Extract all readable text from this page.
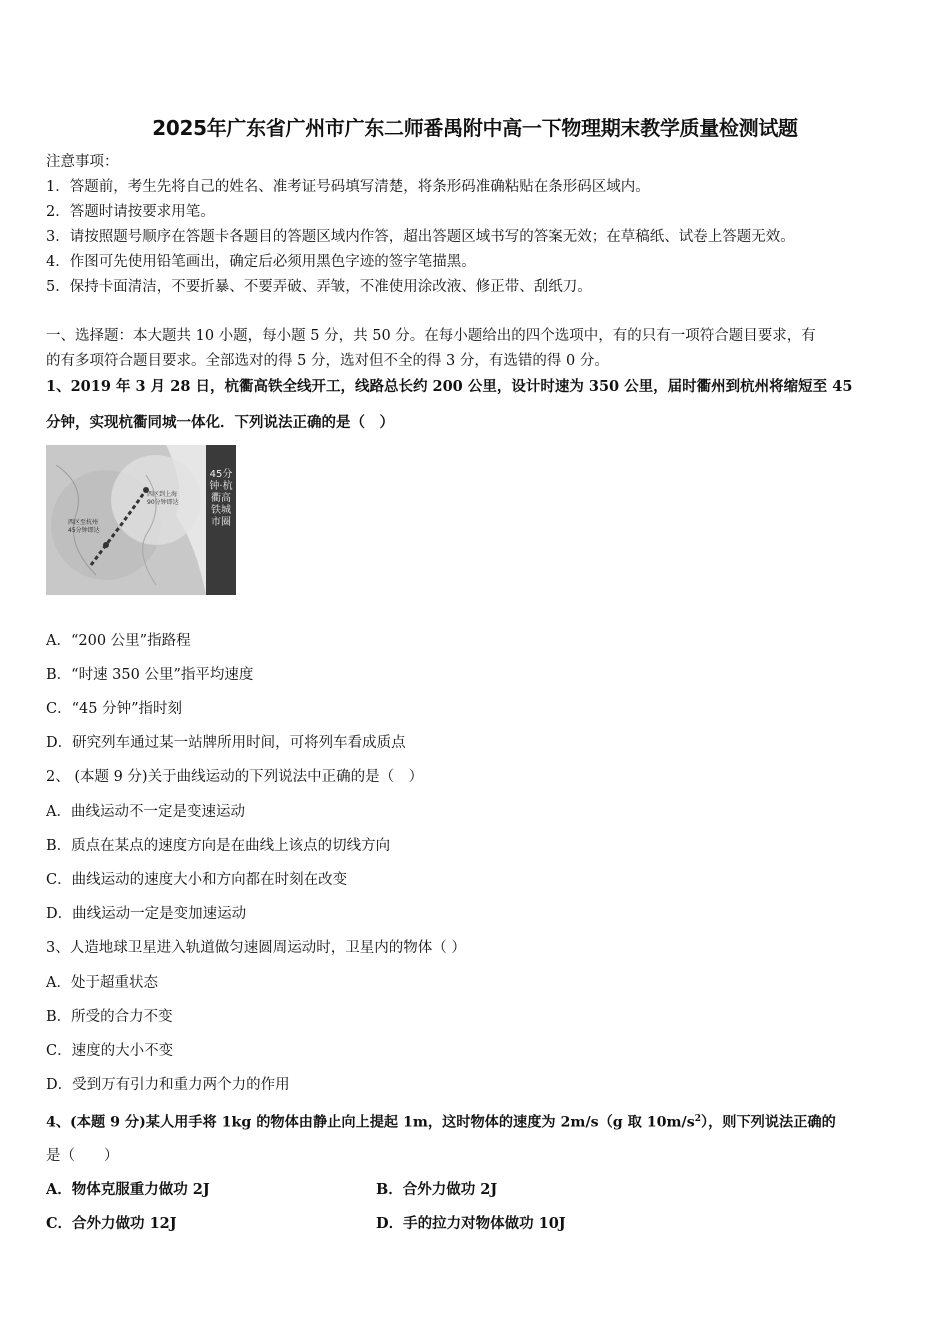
2025年广东省广州市广东二师番禺附中高一下物理期末教学质量检测试题
注意事项：
1．答题前，考生先将自己的姓名、准考证号码填写清楚，将条形码准确粘贴在条形码区域内。
2．答题时请按要求用笔。
3．请按照题号顺序在答题卡各题目的答题区域内作答，超出答题区域书写的答案无效；在草稿纸、试卷上答题无效。
4．作图可先使用铅笔画出，确定后必须用黑色字迹的签字笔描黑。
5．保持卡面清洁，不要折暴、不要弄破、弄皱，不准使用涂改液、修正带、刮纸刀。
一、选择题：本大题共 10 小题，每小题 5 分，共 50 分。在每小题给出的四个选项中，有的只有一项符合题目要求，有
的有多项符合题目要求。全部选对的得 5 分，选对但不全的得 3 分，有选错的得 0 分。
1、2019 年 3 月 28 日，杭衢高铁全线开工，线路总长约 200 公里，设计时速为 350 公里，届时衢州到杭州将缩短至 45
分钟，实现杭衢同城一体化．下列说法正确的是（　）
45分钟·杭衢高铁城市圈
西区到上海
90分钟即达
西区至杭州
45分钟即达
A．“200 公里”指路程
B．“时速 350 公里”指平均速度
C．“45 分钟”指时刻
D．研究列车通过某一站牌所用时间，可将列车看成质点
2、 (本题 9 分)关于曲线运动的下列说法中正确的是（　）
A．曲线运动不一定是变速运动
B．质点在某点的速度方向是在曲线上该点的切线方向
C．曲线运动的速度大小和方向都在时刻在改变
D．曲线运动一定是变加速运动
3、人造地球卫星进入轨道做匀速圆周运动时，卫星内的物体（ ）
A．处于超重状态
B．所受的合力不变
C．速度的大小不变
D．受到万有引力和重力两个力的作用
4、(本题 9 分)某人用手将 1kg 的物体由静止向上提起 1m，这时物体的速度为 2m/s（g 取 $10m/s^2$），则下列说法正确的
是（　　）
A．物体克服重力做功 2J	B．合外力做功 2J
C．合外力做功 12J	D．手的拉力对物体做功 10J
